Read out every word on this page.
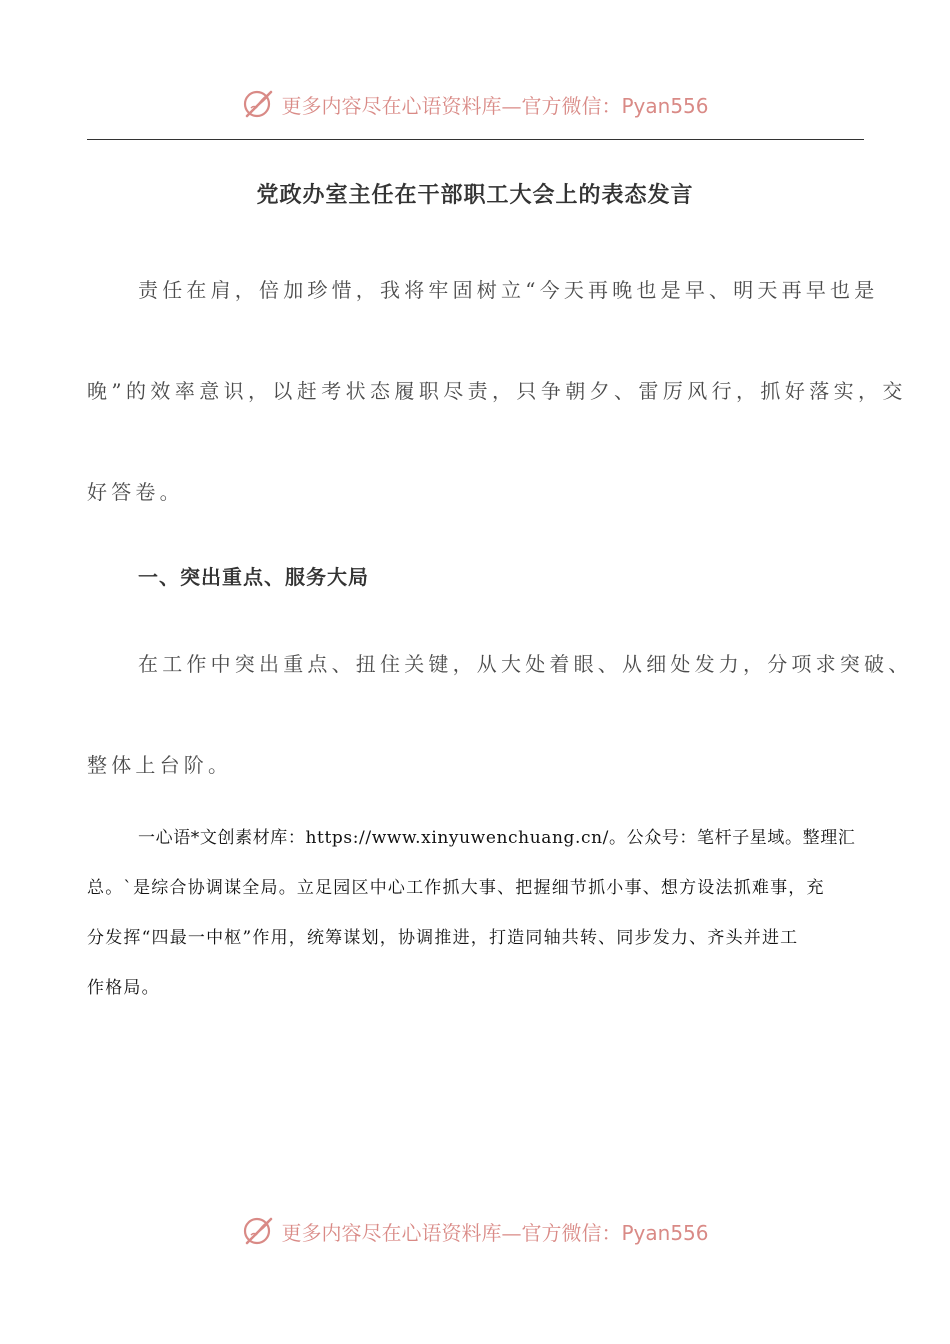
更多内容尽在心语资料库—官方微信：Pyan556
党政办室主任在干部职工大会上的表态发言
责任在肩，倍加珍惜，我将牢固树立“今天再晚也是早、明天再早也是
晚”的效率意识，以赶考状态履职尽责，只争朝夕、雷厉风行，抓好落实，交
好答卷。
一、突出重点、服务大局
在工作中突出重点、扭住关键，从大处着眼、从细处发力，分项求突破、
整体上台阶。
一心语*文创素材库：https://www.xinyuwenchuang.cn/。公众号：笔杆子星域。整理汇
总。`是综合协调谋全局。立足园区中心工作抓大事、把握细节抓小事、想方设法抓难事，充
分发挥“四最一中枢”作用，统筹谋划，协调推进，打造同轴共转、同步发力、齐头并进工
作格局。
更多内容尽在心语资料库—官方微信：Pyan556
